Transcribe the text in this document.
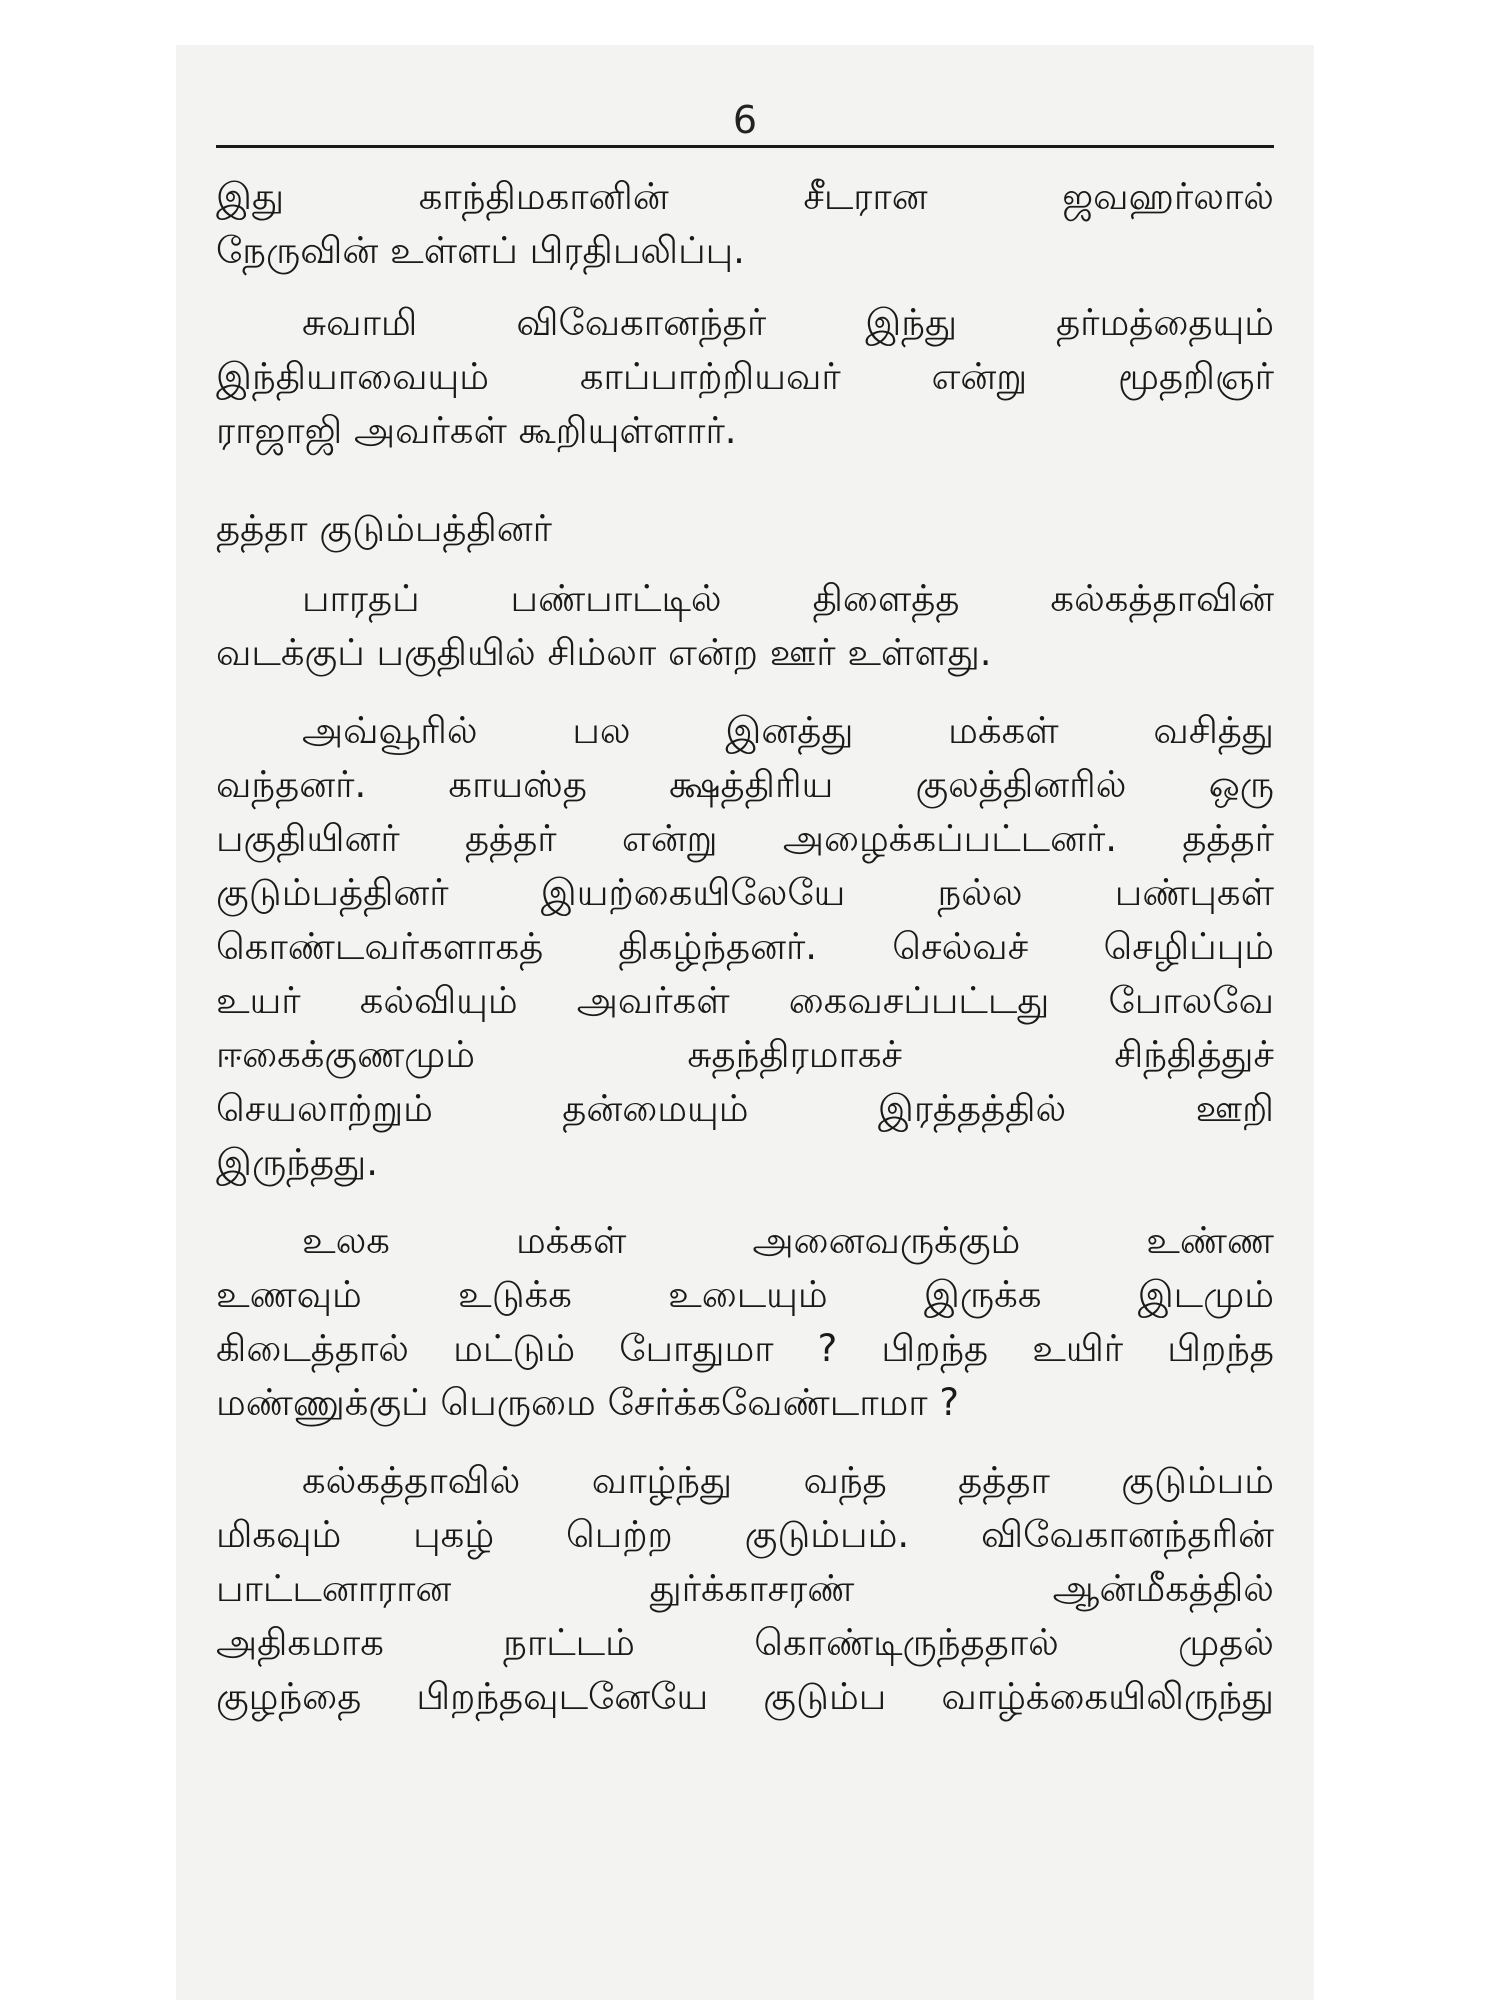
6
இது காந்திமகானின் சீடரான ஜவஹர்லால்
நேருவின் உள்ளப் பிரதிபலிப்பு.
சுவாமி விவேகானந்தர் இந்து தர்மத்தையும்
இந்தியாவையும் காப்பாற்றியவர் என்று மூதறிஞர்
ராஜாஜி அவர்கள் கூறியுள்ளார்.
தத்தா குடும்பத்தினர்
பாரதப் பண்பாட்டில் திளைத்த கல்கத்தாவின்
வடக்குப் பகுதியில் சிம்லா என்ற ஊர் உள்ளது.
அவ்வூரில் பல இனத்து மக்கள் வசித்து
வந்தனர். காயஸ்த க்ஷத்திரிய குலத்தினரில் ஒரு
பகுதியினர் தத்தர் என்று அழைக்கப்பட்டனர். தத்தர்
குடும்பத்தினர் இயற்கையிலேயே நல்ல பண்புகள்
கொண்டவர்களாகத் திகழ்ந்தனர். செல்வச் செழிப்பும்
உயர் கல்வியும் அவர்கள் கைவசப்பட்டது போலவே
ஈகைக்குணமும் சுதந்திரமாகச் சிந்தித்துச்
செயலாற்றும் தன்மையும் இரத்தத்தில் ஊறி
இருந்தது.
உலக மக்கள் அனைவருக்கும் உண்ண
உணவும் உடுக்க உடையும் இருக்க இடமும்
கிடைத்தால் மட்டும் போதுமா ? பிறந்த உயிர் பிறந்த
மண்ணுக்குப் பெருமை சேர்க்கவேண்டாமா ?
கல்கத்தாவில் வாழ்ந்து வந்த தத்தா குடும்பம்
மிகவும் புகழ் பெற்ற குடும்பம். விவேகானந்தரின்
பாட்டனாரான துர்க்காசரண் ஆன்மீகத்தில்
அதிகமாக நாட்டம் கொண்டிருந்ததால் முதல்
குழந்தை பிறந்தவுடனேயே குடும்ப வாழ்க்கையிலிருந்து
